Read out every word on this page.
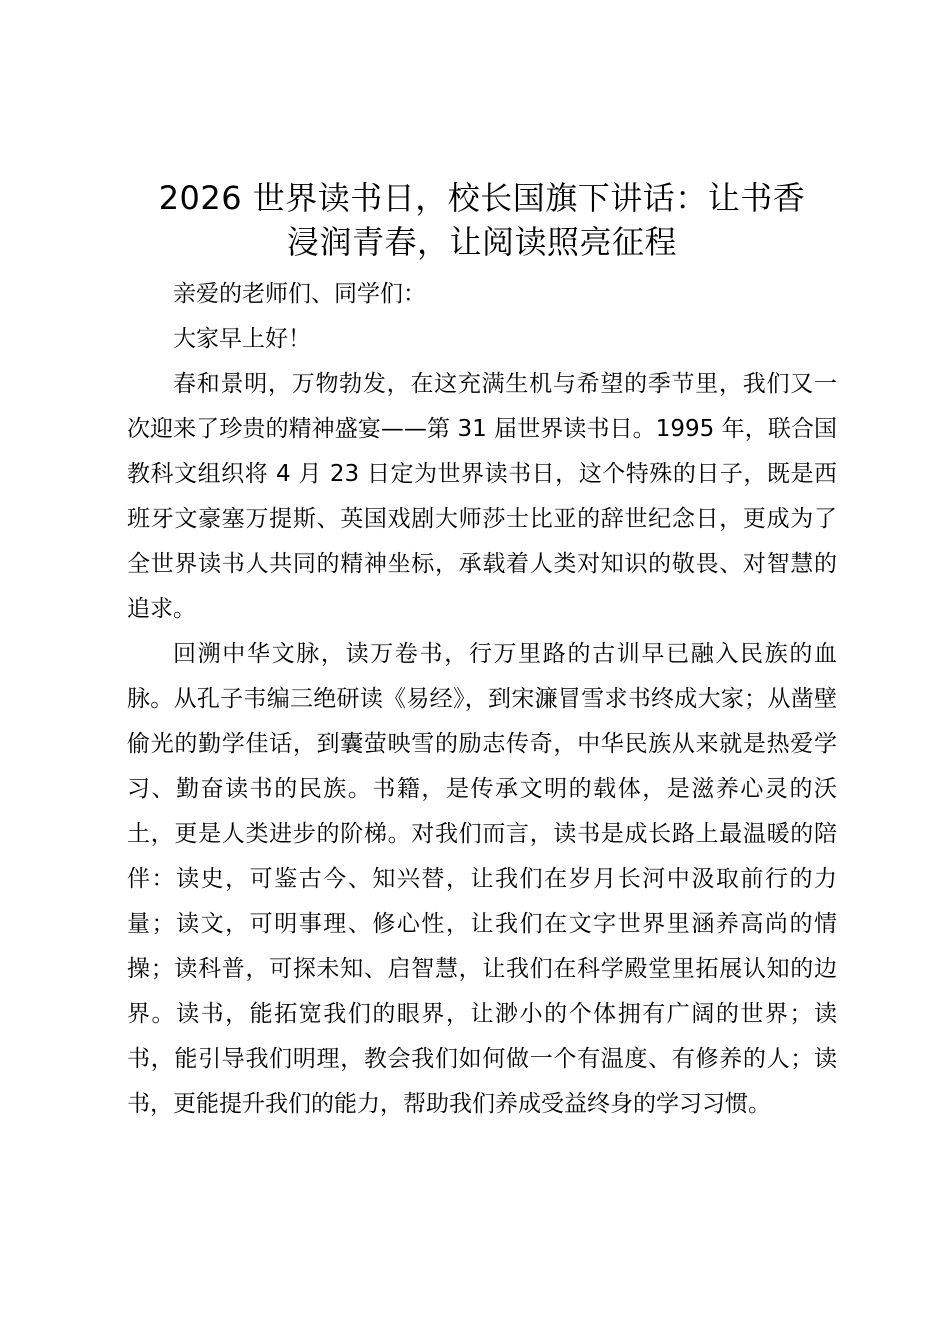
2026 世界读书日，校长国旗下讲话：让书香
浸润青春，让阅读照亮征程

亲爱的老师们、同学们：

大家早上好！

春和景明，万物勃发，在这充满生机与希望的季节里，我们又一次迎来了珍贵的精神盛宴——第 31 届世界读书日。1995 年，联合国教科文组织将 4 月 23 日定为世界读书日，这个特殊的日子，既是西班牙文豪塞万提斯、英国戏剧大师莎士比亚的辞世纪念日，更成为了全世界读书人共同的精神坐标，承载着人类对知识的敬畏、对智慧的追求。

回溯中华文脉，读万卷书，行万里路的古训早已融入民族的血脉。从孔子韦编三绝研读《易经》，到宋濂冒雪求书终成大家；从凿壁偷光的勤学佳话，到囊萤映雪的励志传奇，中华民族从来就是热爱学习、勤奋读书的民族。书籍，是传承文明的载体，是滋养心灵的沃土，更是人类进步的阶梯。对我们而言，读书是成长路上最温暖的陪伴：读史，可鉴古今、知兴替，让我们在岁月长河中汲取前行的力量；读文，可明事理、修心性，让我们在文字世界里涵养高尚的情操；读科普，可探未知、启智慧，让我们在科学殿堂里拓展认知的边界。读书，能拓宽我们的眼界，让渺小的个体拥有广阔的世界；读书，能引导我们明理，教会我们如何做一个有温度、有修养的人；读书，更能提升我们的能力，帮助我们养成受益终身的学习习惯。
